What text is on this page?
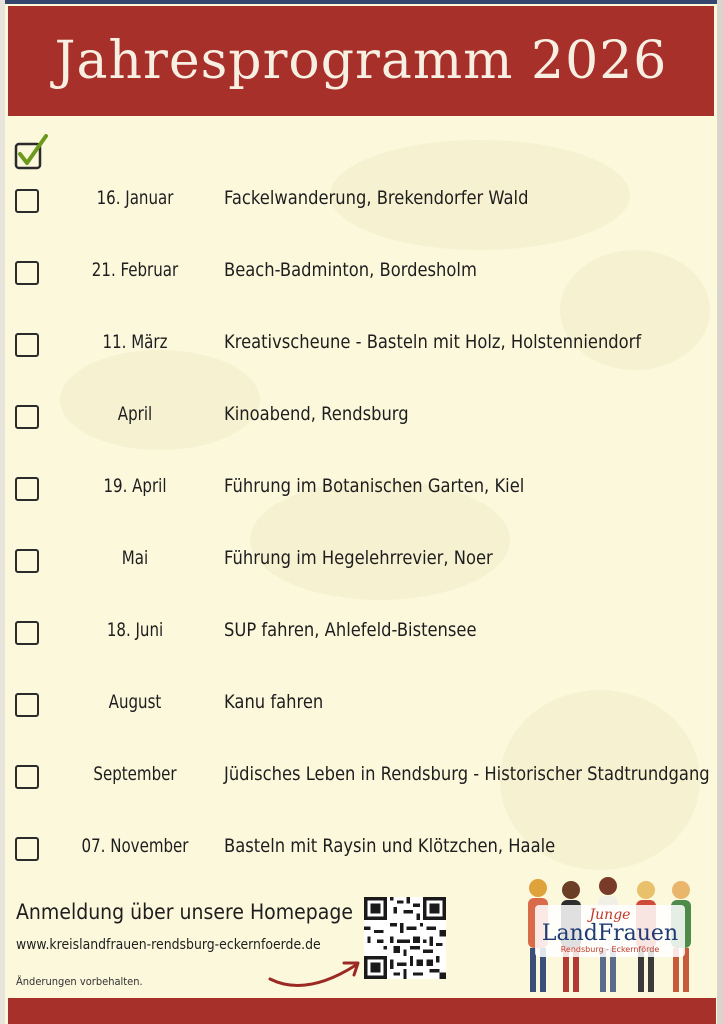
Jahresprogramm 2026
16. Januar	Fackelwanderung, Brekendorfer Wald
21. Februar	Beach-Badminton, Bordesholm
11. März	Kreativscheune - Basteln mit Holz, Holstenniendorf
April	Kinoabend, Rendsburg
19. April	Führung im Botanischen Garten, Kiel
Mai	Führung im Hegelehrrevier, Noer
18. Juni	SUP fahren, Ahlefeld-Bistensee
August	Kanu fahren
September	Jüdisches Leben in Rendsburg - Historischer Stadtrundgang
07. November	Basteln mit Raysin und Klötzchen, Haale
Anmeldung über unsere Homepage
www.kreislandfrauen-rendsburg-eckernfoerde.de
Änderungen vorbehalten.
Junge
LandFrauen
Rendsburg - Eckernförde
